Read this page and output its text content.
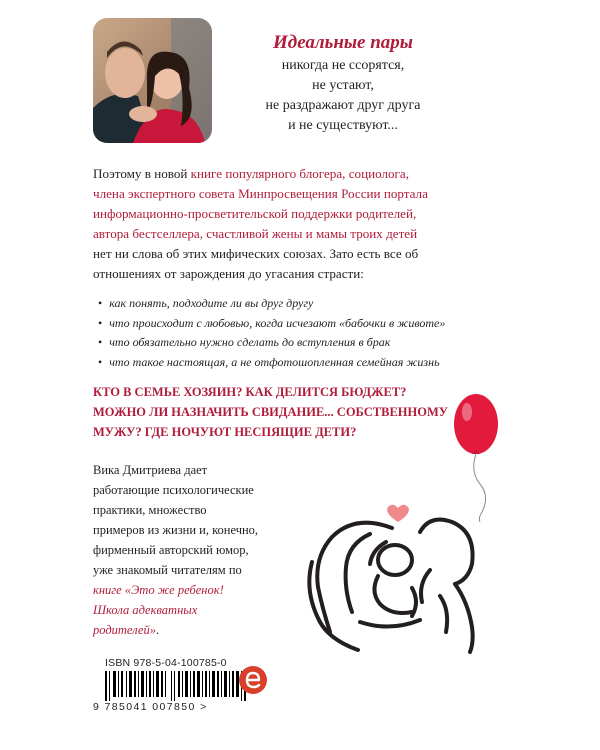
Идеальные пары
никогда не ссорятся,
не устают,
не раздражают друг друга
и не существуют...
Поэтому в новой книге популярного блогера, социолога,
члена экспертного совета Минпросвещения России портала
информационно-просветительской поддержки родителей,
автора бестселлера, счастливой жены и мамы троих детей
нет ни слова об этих мифических союзах. Зато есть все об
отношениях от зарождения до угасания страсти:
• как понять, подходите ли вы друг другу
• что происходит с любовью, когда исчезают «бабочки в животе»
• что обязательно нужно сделать до вступления в брак
• что такое настоящая, а не отфотошопленная семейная жизнь
КТО В СЕМЬЕ ХОЗЯИН? КАК ДЕЛИТСЯ БЮДЖЕТ?
МОЖНО ЛИ НАЗНАЧИТЬ СВИДАНИЕ... СОБСТВЕННОМУ
МУЖУ? ГДЕ НОЧУЮТ НЕСПЯЩИЕ ДЕТИ?
Вика Дмитриева дает
работающие психологические
практики, множество
примеров из жизни и, конечно,
фирменный авторский юмор,
уже знакомый читателям по
книге «Это же ребенок!
Школа адекватных
родителей».
ISBN 978-5-04-100785-0
9 785041 007850 >
